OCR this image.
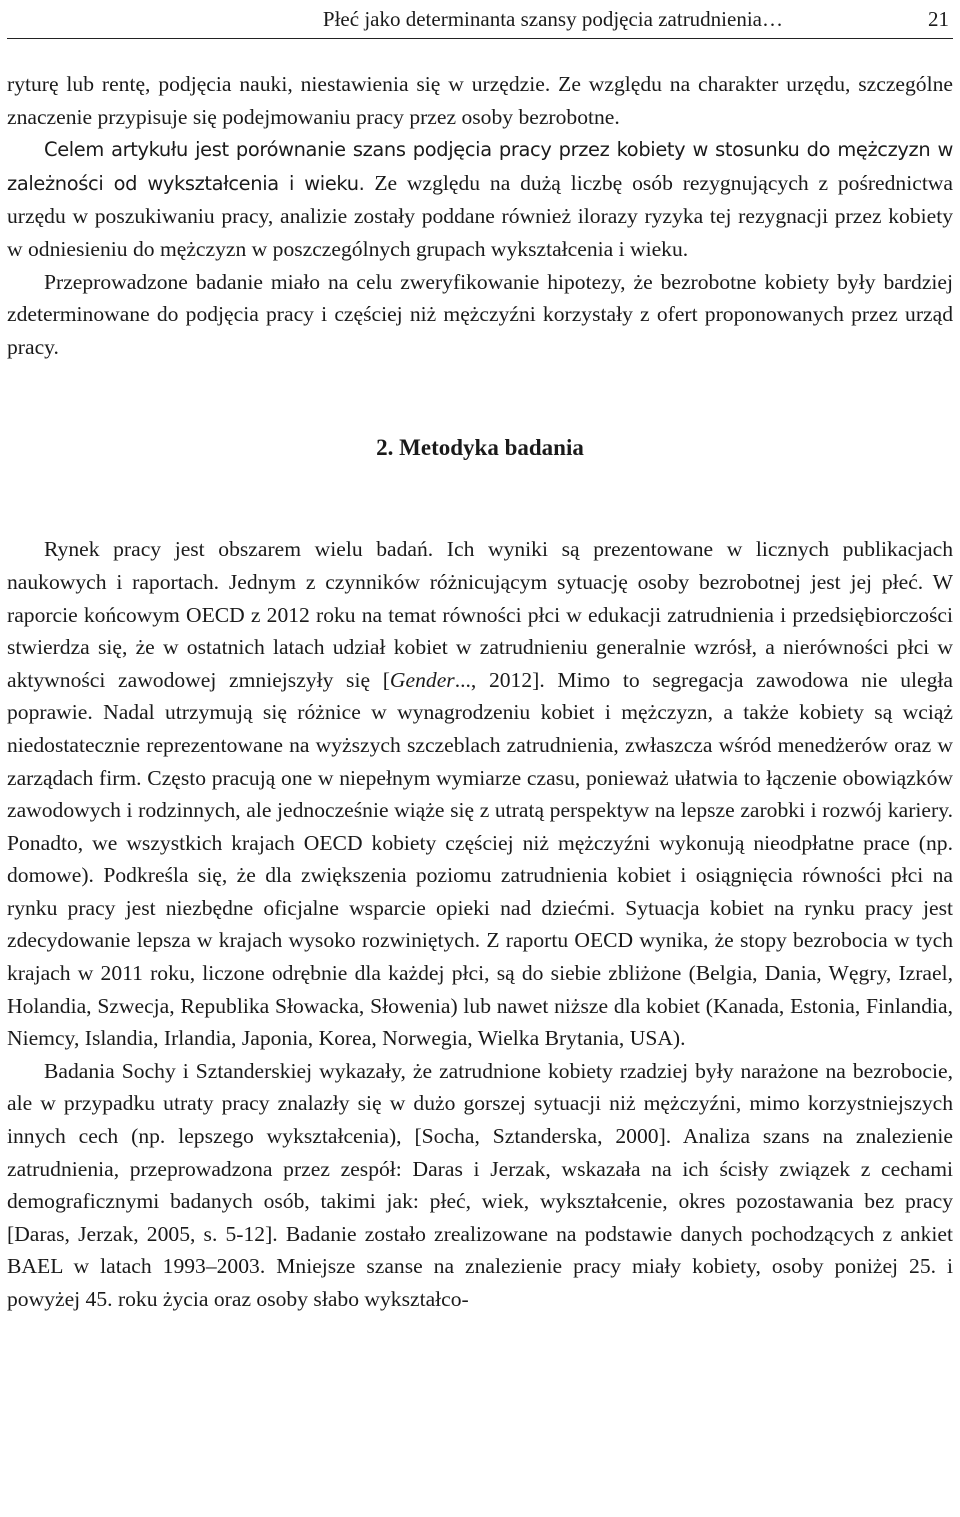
Płeć jako determinanta szansy podjęcia zatrudnienia…	21

ryturę lub rentę, podjęcia nauki, niestawienia się w urzędzie. Ze względu na charakter urzędu, szczególne znaczenie przypisuje się podejmowaniu pracy przez osoby bezrobotne.

Celem artykułu jest porównanie szans podjęcia pracy przez kobiety w stosunku do mężczyzn w zależności od wykształcenia i wieku. Ze względu na dużą liczbę osób rezygnujących z pośrednictwa urzędu w poszukiwaniu pracy, analizie zostały poddane również ilorazy ryzyka tej rezygnacji przez kobiety w odniesieniu do mężczyzn w poszczególnych grupach wykształcenia i wieku.

Przeprowadzone badanie miało na celu zweryfikowanie hipotezy, że bezrobotne kobiety były bardziej zdeterminowane do podjęcia pracy i częściej niż mężczyźni korzystały z ofert proponowanych przez urząd pracy.

2. Metodyka badania

Rynek pracy jest obszarem wielu badań. Ich wyniki są prezentowane w licznych publikacjach naukowych i raportach. Jednym z czynników różnicującym sytuację osoby bezrobotnej jest jej płeć. W raporcie końcowym OECD z 2012 roku na temat równości płci w edukacji zatrudnienia i przedsiębiorczości stwierdza się, że w ostatnich latach udział kobiet w zatrudnieniu generalnie wzrósł, a nierówności płci w aktywności zawodowej zmniejszyły się [Gender..., 2012]. Mimo to segregacja zawodowa nie uległa poprawie. Nadal utrzymują się różnice w wynagrodzeniu kobiet i mężczyzn, a także kobiety są wciąż niedostatecznie reprezentowane na wyższych szczeblach zatrudnienia, zwłaszcza wśród menedżerów oraz w zarządach firm. Często pracują one w niepełnym wymiarze czasu, ponieważ ułatwia to łączenie obowiązków zawodowych i rodzinnych, ale jednocześnie wiąże się z utratą perspektyw na lepsze zarobki i rozwój kariery. Ponadto, we wszystkich krajach OECD kobiety częściej niż mężczyźni wykonują nieodpłatne prace (np. domowe). Podkreśla się, że dla zwiększenia poziomu zatrudnienia kobiet i osiągnięcia równości płci na rynku pracy jest niezbędne oficjalne wsparcie opieki nad dziećmi. Sytuacja kobiet na rynku pracy jest zdecydowanie lepsza w krajach wysoko rozwiniętych. Z raportu OECD wynika, że stopy bezrobocia w tych krajach w 2011 roku, liczone odrębnie dla każdej płci, są do siebie zbliżone (Belgia, Dania, Węgry, Izrael, Holandia, Szwecja, Republika Słowacka, Słowenia) lub nawet niższe dla kobiet (Kanada, Estonia, Finlandia, Niemcy, Islandia, Irlandia, Japonia, Korea, Norwegia, Wielka Brytania, USA).

Badania Sochy i Sztanderskiej wykazały, że zatrudnione kobiety rzadziej były narażone na bezrobocie, ale w przypadku utraty pracy znalazły się w dużo gorszej sytuacji niż mężczyźni, mimo korzystniejszych innych cech (np. lepszego wykształcenia), [Socha, Sztanderska, 2000]. Analiza szans na znalezienie zatrudnienia, przeprowadzona przez zespół: Daras i Jerzak, wskazała na ich ścisły związek z cechami demograficznymi badanych osób, takimi jak: płeć, wiek, wykształcenie, okres pozostawania bez pracy [Daras, Jerzak, 2005, s. 5-12]. Badanie zostało zrealizowane na podstawie danych pochodzących z ankiet BAEL w latach 1993–2003. Mniejsze szanse na znalezienie pracy miały kobiety, osoby poniżej 25. i powyżej 45. roku życia oraz osoby słabo wykształco-
